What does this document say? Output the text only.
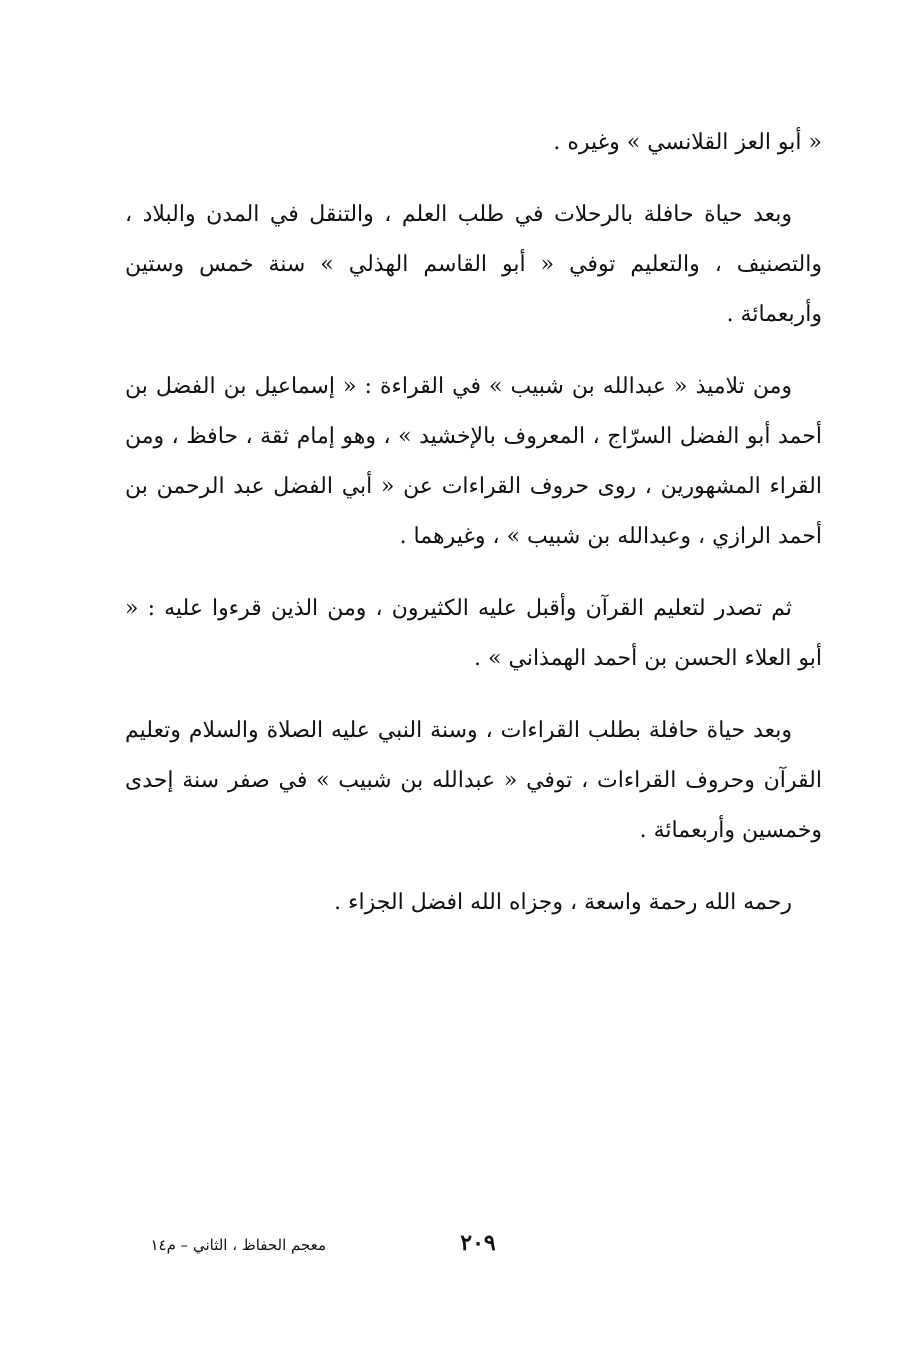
« أبو العز القلانسي » وغيره .

وبعد حياة حافلة بالرحلات في طلب العلم ، والتنقل في المدن والبلاد ، والتصنيف ، والتعليم توفي « أبو القاسم الهذلي » سنة خمس وستين وأربعمائة .

ومن تلاميذ « عبدالله بن شبيب » في القراءة : « إسماعيل بن الفضل بن أحمد أبو الفضل السرّاج ، المعروف بالإخشيد » ، وهو إمام ثقة ، حافظ ، ومن القراء المشهورين ، روى حروف القراءات عن « أبي الفضل عبد الرحمن بن أحمد الرازي ، وعبدالله بن شبيب » ، وغيرهما .

ثم تصدر لتعليم القرآن وأقبل عليه الكثيرون ، ومن الذين قرءوا عليه : « أبو العلاء الحسن بن أحمد الهمذاني » .

وبعد حياة حافلة بطلب القراءات ، وسنة النبي عليه الصلاة والسلام وتعليم القرآن وحروف القراءات ، توفي « عبدالله بن شبيب » في صفر سنة إحدى وخمسين وأربعمائة .

رحمه الله رحمة واسعة ، وجزاه الله افضل الجزاء .

٢٠٩
معجم الحفاظ ، الثاني – م١٤
